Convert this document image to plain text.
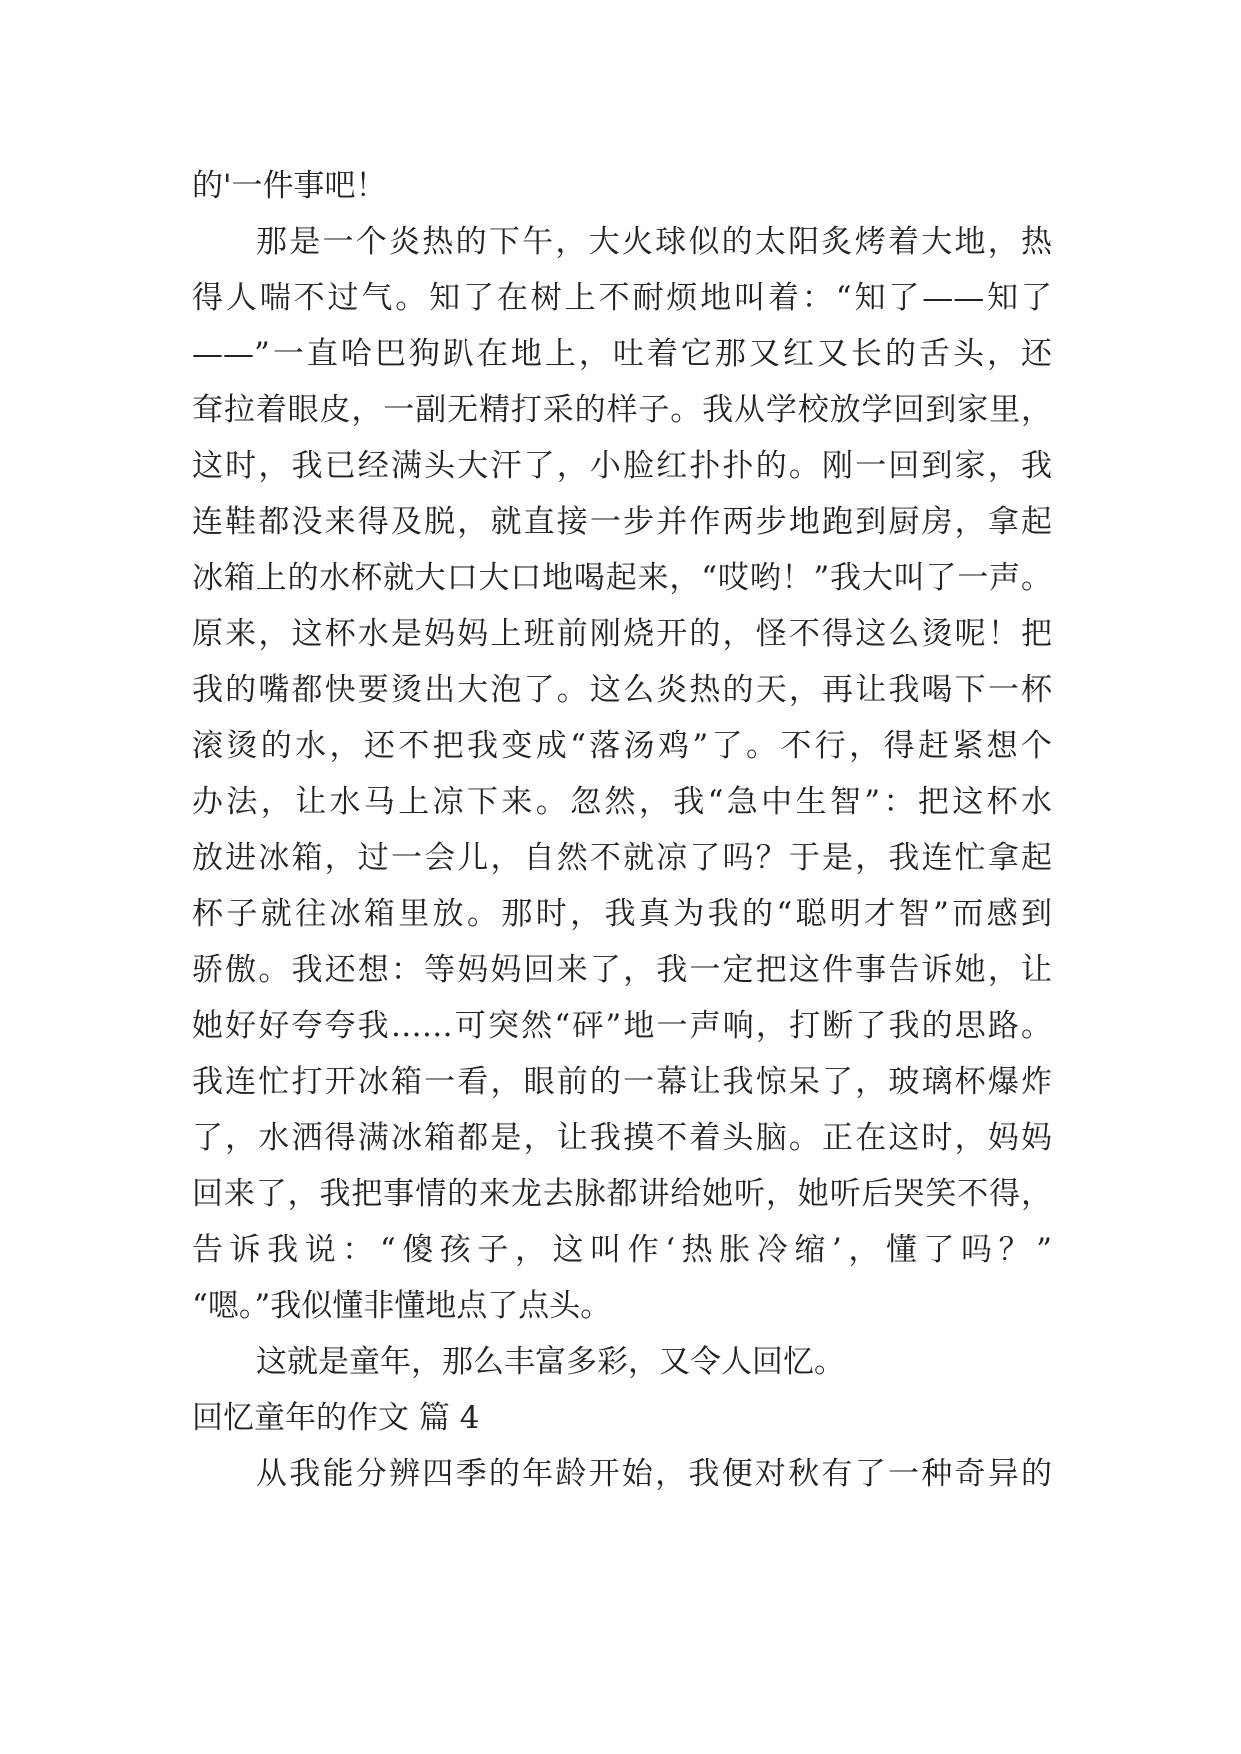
的'一件事吧！
那是一个炎热的下午，大火球似的太阳炙烤着大地，热
得人喘不过气。知了在树上不耐烦地叫着：“知了——知了
——”一直哈巴狗趴在地上，吐着它那又红又长的舌头，还
耷拉着眼皮，一副无精打采的样子。我从学校放学回到家里，
这时，我已经满头大汗了，小脸红扑扑的。刚一回到家，我
连鞋都没来得及脱，就直接一步并作两步地跑到厨房，拿起
冰箱上的水杯就大口大口地喝起来，“哎哟！”我大叫了一声。
原来，这杯水是妈妈上班前刚烧开的，怪不得这么烫呢！把
我的嘴都快要烫出大泡了。这么炎热的天，再让我喝下一杯
滚烫的水，还不把我变成“落汤鸡”了。不行，得赶紧想个
办法，让水马上凉下来。忽然，我“急中生智”：把这杯水
放进冰箱，过一会儿，自然不就凉了吗？于是，我连忙拿起
杯子就往冰箱里放。那时，我真为我的“聪明才智”而感到
骄傲。我还想：等妈妈回来了，我一定把这件事告诉她，让
她好好夸夸我……可突然“砰”地一声响，打断了我的思路。
我连忙打开冰箱一看，眼前的一幕让我惊呆了，玻璃杯爆炸
了，水洒得满冰箱都是，让我摸不着头脑。正在这时，妈妈
回来了，我把事情的来龙去脉都讲给她听，她听后哭笑不得，
告诉我说：“傻孩子，这叫作‘热胀冷缩’，懂了吗？”
“嗯。”我似懂非懂地点了点头。
这就是童年，那么丰富多彩，又令人回忆。
回忆童年的作文 篇 4
从我能分辨四季的年龄开始，我便对秋有了一种奇异的
